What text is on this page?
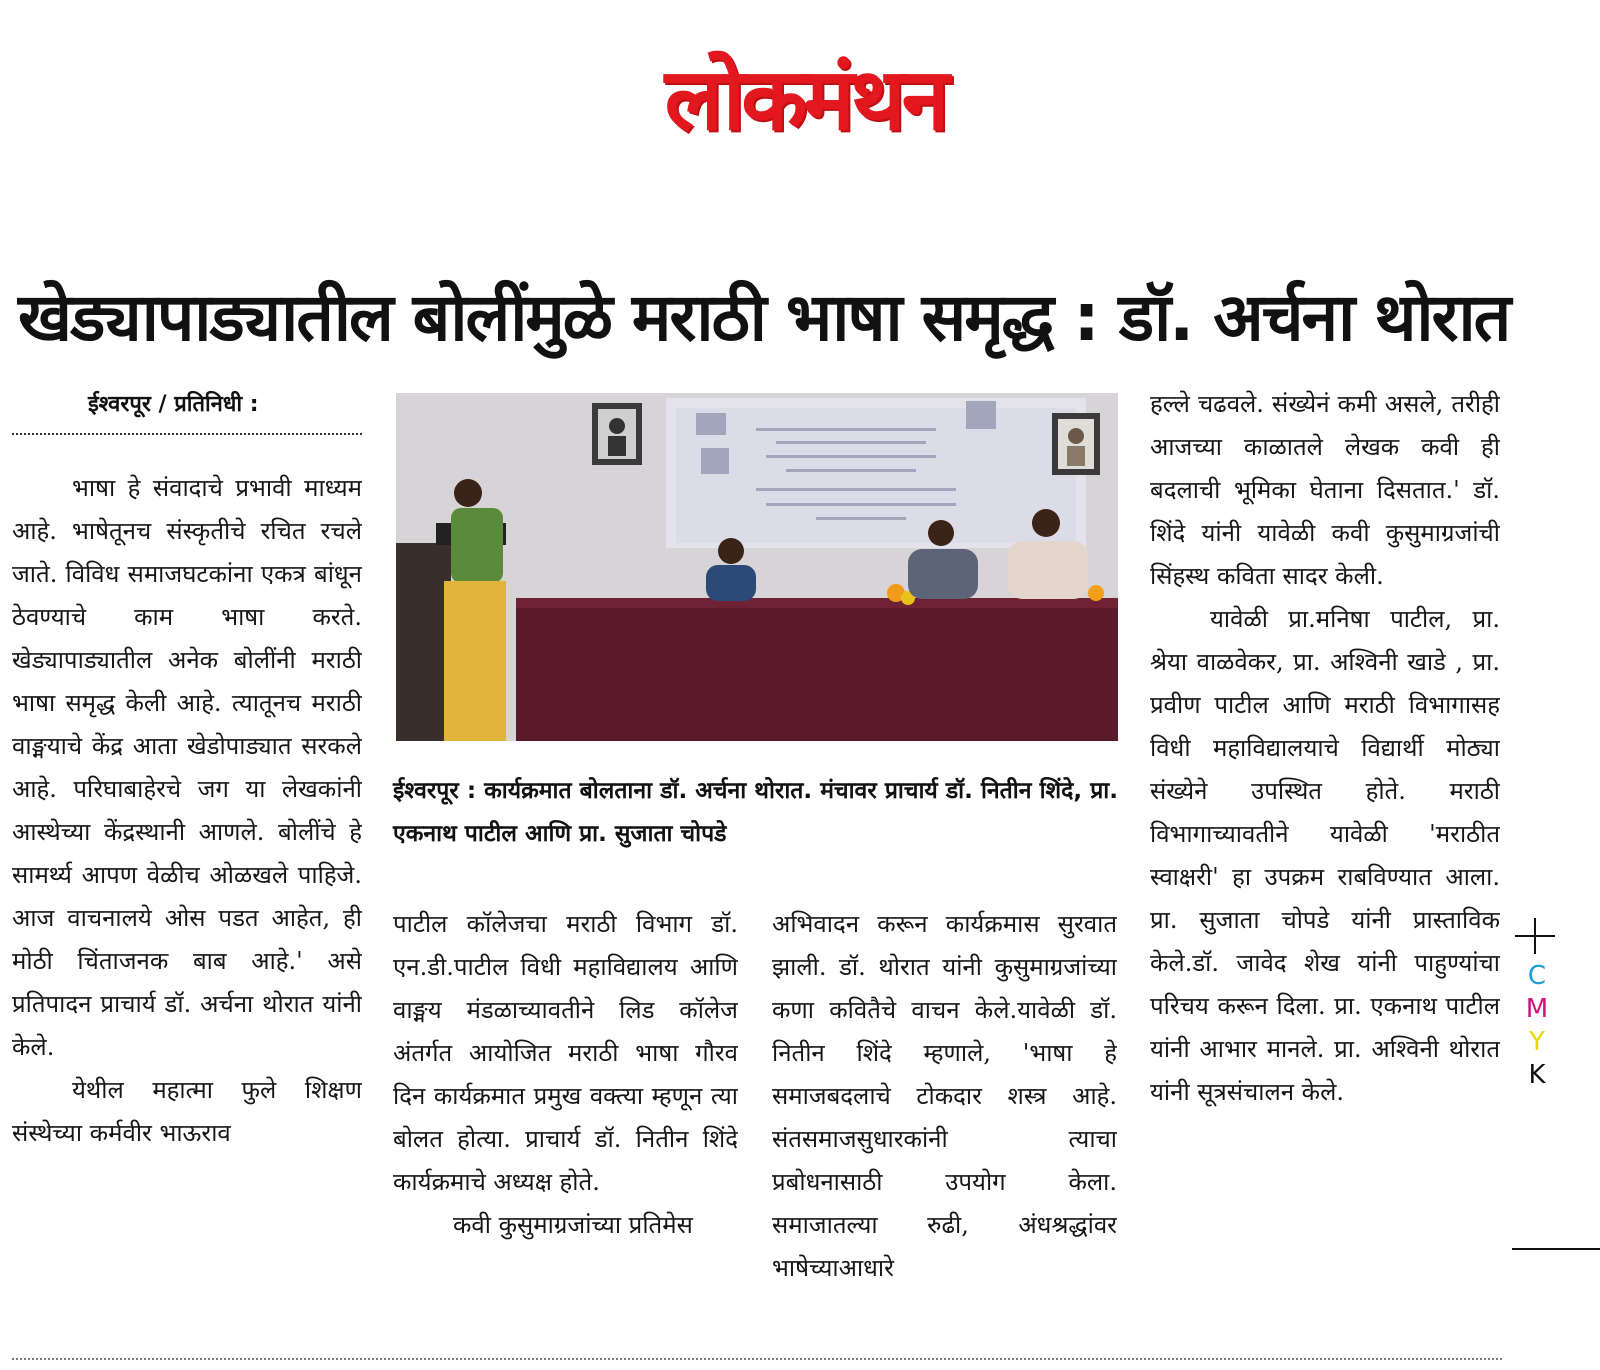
लोकमंथन
खेड्यापाड्यातील बोलींमुळे मराठी भाषा समृद्ध : डॉ. अर्चना थोरात
ईश्वरपूर / प्रतिनिधी :

भाषा हे संवादाचे प्रभावी माध्यम आहे. भाषेतूनच संस्कृतीचे रचित रचले जाते. विविध समाजघटकांना एकत्र बांधून ठेवण्याचे काम भाषा करते. खेड्यापाड्यातील अनेक बोलींनी मराठी भाषा समृद्ध केली आहे. त्यातूनच मराठी वाङ्मयाचे केंद्र आता खेडोपाड्यात सरकले आहे. परिघाबाहेरचे जग या लेखकांनी आस्थेच्या केंद्रस्थानी आणले. बोलींचे हे सामर्थ्य आपण वेळीच ओळखले पाहिजे. आज वाचनालये ओस पडत आहेत, ही मोठी चिंताजनक बाब आहे.' असे प्रतिपादन प्राचार्य डॉ. अर्चना थोरात यांनी केले.

येथील महात्मा फुले शिक्षण संस्थेच्या कर्मवीर भाऊराव

ईश्वरपूर : कार्यक्रमात बोलताना डॉ. अर्चना थोरात. मंचावर प्राचार्य डॉ. नितीन शिंदे, प्रा. एकनाथ पाटील आणि प्रा. सुजाता चोपडे

पाटील कॉलेजचा मराठी विभाग डॉ. एन.डी.पाटील विधी महाविद्यालय आणि वाङ्मय मंडळाच्यावतीने लिड कॉलेज अंतर्गत आयोजित मराठी भाषा गौरव दिन कार्यक्रमात प्रमुख वक्त्या म्हणून त्या बोलत होत्या. प्राचार्य डॉ. नितीन शिंदे कार्यक्रमाचे अध्यक्ष होते.

कवी कुसुमाग्रजांच्या प्रतिमेस

अभिवादन करून कार्यक्रमास सुरवात झाली. डॉ. थोरात यांनी कुसुमाग्रजांच्या कणा कवितैचे वाचन केले.यावेळी डॉ. नितीन शिंदे म्हणाले, 'भाषा हे समाजबदलाचे टोकदार शस्त्र आहे. संतसमाजसुधारकांनी त्याचा प्रबोधनासाठी उपयोग केला. समाजातल्या रुढी, अंधश्रद्धांवर भाषेच्याआधारे

हल्ले चढवले. संख्येनं कमी असले, तरीही आजच्या काळातले लेखक कवी ही बदलाची भूमिका घेताना दिसतात.' डॉ. शिंदे यांनी यावेळी कवी कुसुमाग्रजांची सिंहस्थ कविता सादर केली.

यावेळी प्रा.मनिषा पाटील, प्रा. श्रेया वाळवेकर, प्रा. अश्विनी खाडे , प्रा. प्रवीण पाटील आणि मराठी विभागासह विधी महाविद्यालयाचे विद्यार्थी मोठ्या संख्येने उपस्थित होते. मराठी विभागाच्यावतीने यावेळी 'मराठीत स्वाक्षरी' हा उपक्रम राबविण्यात आला. प्रा. सुजाता चोपडे यांनी प्रास्ताविक केले.डॉ. जावेद शेख यांनी पाहुण्यांचा परिचय करून दिला. प्रा. एकनाथ पाटील यांनी आभार मानले. प्रा. अश्विनी थोरात यांनी सूत्रसंचालन केले.

C
M
Y
K
